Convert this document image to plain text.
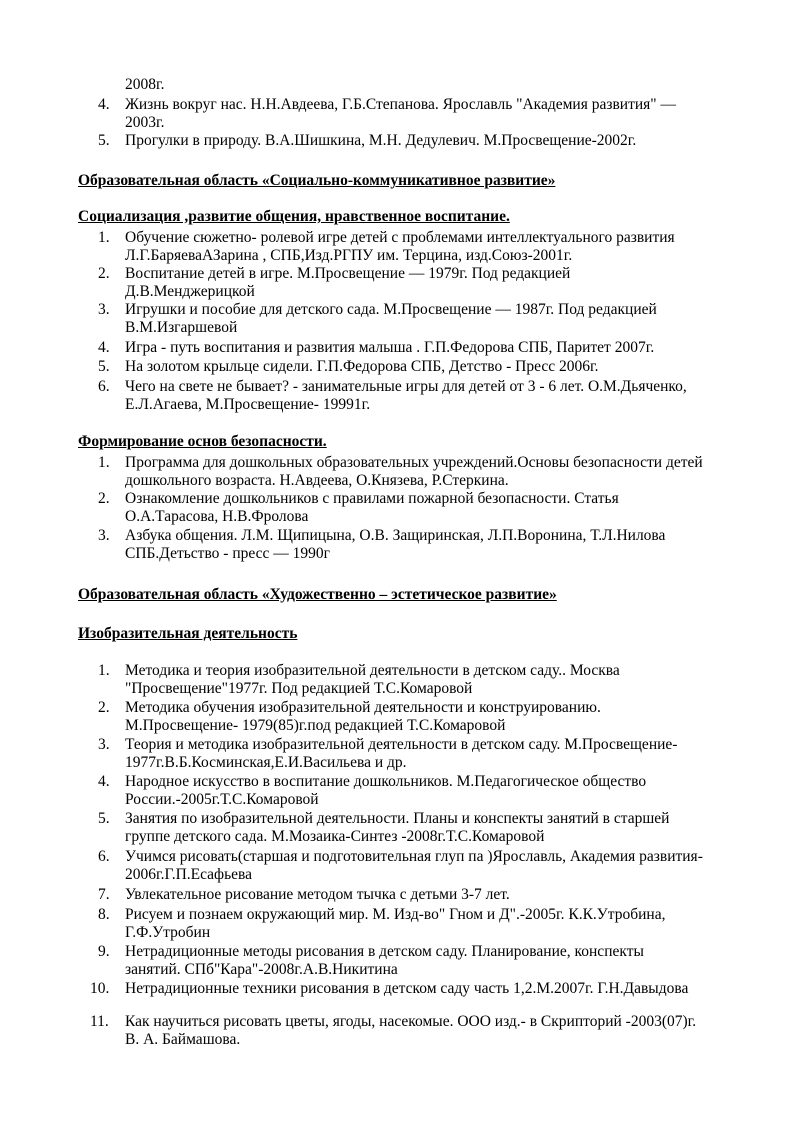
2008г.
4. Жизнь вокруг нас. Н.Н.Авдеева, Г.Б.Степанова. Ярославль "Академия развития" —
2003г.
5. Прогулки в природу. В.А.Шишкина, М.Н. Дедулевич. М.Просвещение-2002г.
Образовательная область «Социально-коммуникативное развитие»
Социализация ,развитие общения, нравственное воспитание.
1. Обучение сюжетно- ролевой игре детей с проблемами интеллектуального развития
Л.Г.БаряеваАЗарина , СПБ,Изд.РГПУ им. Терцина, изд.Союз-2001г.
2. Воспитание детей в игре. М.Просвещение — 1979г. Под редакцией
Д.В.Менджерицкой
3. Игрушки и пособие для детского сада. М.Просвещение — 1987г. Под редакцией
В.М.Изгаршевой
4. Игра - путь воспитания и развития малыша . Г.П.Федорова СПБ, Паритет 2007г.
5. На золотом крыльце сидели. Г.П.Федорова СПБ, Детство - Пресс 2006г.
6. Чего на свете не бывает? - занимательные игры для детей от 3 - 6 лет. О.М.Дьяченко,
Е.Л.Агаева, М.Просвещение- 19991г.
Формирование основ безопасности.
1. Программа для дошкольных образовательных учреждений.Основы безопасности детей
дошкольного возраста. Н.Авдеева, О.Князева, Р.Стеркина.
2. Ознакомление дошкольников с правилами пожарной безопасности. Статья
О.А.Тарасова, Н.В.Фролова
3. Азбука общения. Л.М. Щипицына, О.В. Защиринская, Л.П.Воронина, Т.Л.Нилова
СПБ.Детьство - пресс — 1990г
Образовательная область «Художественно – эстетическое развитие»
Изобразительная деятельность
1. Методика и теория изобразительной деятельности в детском саду.. Москва
"Просвещение"1977г. Под редакцией Т.С.Комаровой
2. Методика обучения изобразительной деятельности и конструированию.
М.Просвещение- 1979(85)г.под редакцией Т.С.Комаровой
3. Теория и методика изобразительной деятельности в детском саду. М.Просвещение-
1977г.В.Б.Косминская,Е.И.Васильева и др.
4. Народное искусство в воспитание дошкольников. М.Педагогическое общество
России.-2005г.Т.С.Комаровой
5. Занятия по изобразительной деятельности. Планы и конспекты занятий в старшей
группе детского сада. М.Мозаика-Синтез -2008г.Т.С.Комаровой
6. Учимся рисовать(старшая и подготовительная глуп па )Ярославль, Академия развития-
2006г.Г.П.Есафьева
7. Увлекательное рисование методом тычка с детьми 3-7 лет.
8. Рисуем и познаем окружающий мир. М. Изд-во" Гном и Д".-2005г. К.К.Утробина,
Г.Ф.Утробин
9. Нетрадиционные методы рисования в детском саду. Планирование, конспекты
занятий. СПб"Кара"-2008г.А.В.Никитина
10.	Нетрадиционные техники рисования в детском саду часть 1,2.М.2007г. Г.Н.Давыдова
11.	Как научиться рисовать цветы, ягоды, насекомые. ООО изд.- в Скрипторий -2003(07)г.
В. А. Баймашова.
